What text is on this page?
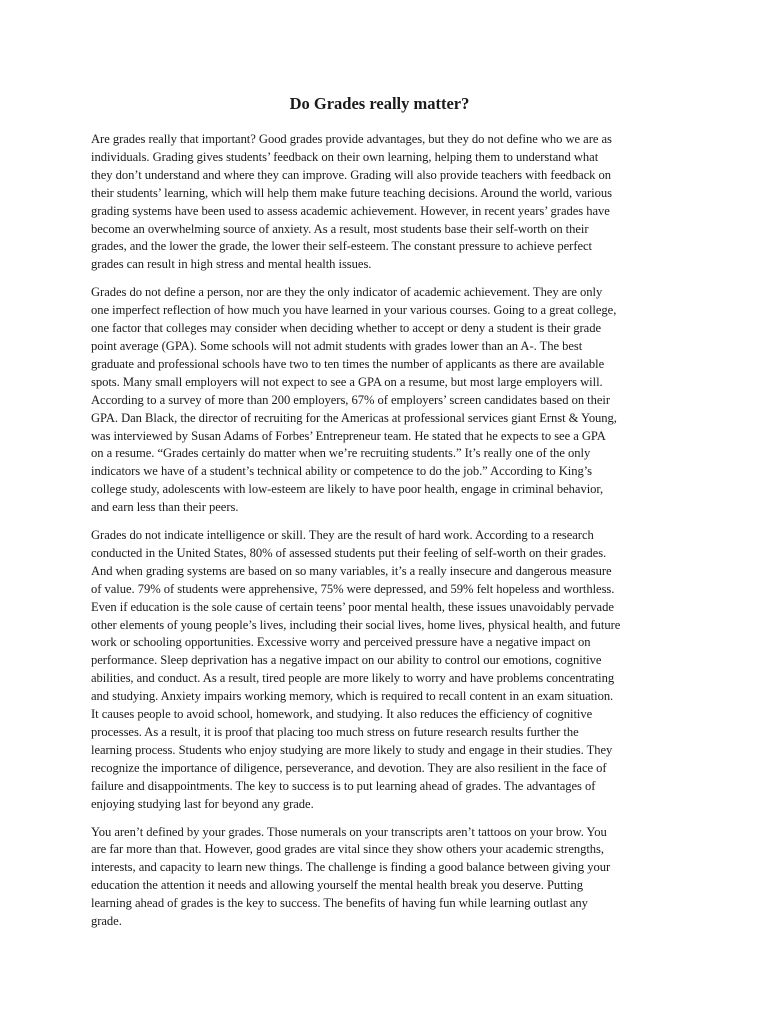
Do Grades really matter?

Are grades really that important? Good grades provide advantages, but they do not define who we are as
individuals. Grading gives students’ feedback on their own learning, helping them to understand what
they don’t understand and where they can improve. Grading will also provide teachers with feedback on
their students’ learning, which will help them make future teaching decisions. Around the world, various
grading systems have been used to assess academic achievement. However, in recent years’ grades have
become an overwhelming source of anxiety. As a result, most students base their self-worth on their
grades, and the lower the grade, the lower their self-esteem. The constant pressure to achieve perfect
grades can result in high stress and mental health issues.

Grades do not define a person, nor are they the only indicator of academic achievement. They are only
one imperfect reflection of how much you have learned in your various courses. Going to a great college,
one factor that colleges may consider when deciding whether to accept or deny a student is their grade
point average (GPA). Some schools will not admit students with grades lower than an A-. The best
graduate and professional schools have two to ten times the number of applicants as there are available
spots. Many small employers will not expect to see a GPA on a resume, but most large employers will.
According to a survey of more than 200 employers, 67% of employers’ screen candidates based on their
GPA. Dan Black, the director of recruiting for the Americas at professional services giant Ernst & Young,
was interviewed by Susan Adams of Forbes’ Entrepreneur team. He stated that he expects to see a GPA
on a resume. “Grades certainly do matter when we’re recruiting students.” It’s really one of the only
indicators we have of a student’s technical ability or competence to do the job.” According to King’s
college study, adolescents with low-esteem are likely to have poor health, engage in criminal behavior,
and earn less than their peers.

Grades do not indicate intelligence or skill. They are the result of hard work. According to a research
conducted in the United States, 80% of assessed students put their feeling of self-worth on their grades.
And when grading systems are based on so many variables, it’s a really insecure and dangerous measure
of value. 79% of students were apprehensive, 75% were depressed, and 59% felt hopeless and worthless.
Even if education is the sole cause of certain teens’ poor mental health, these issues unavoidably pervade
other elements of young people’s lives, including their social lives, home lives, physical health, and future
work or schooling opportunities. Excessive worry and perceived pressure have a negative impact on
performance. Sleep deprivation has a negative impact on our ability to control our emotions, cognitive
abilities, and conduct. As a result, tired people are more likely to worry and have problems concentrating
and studying. Anxiety impairs working memory, which is required to recall content in an exam situation.
It causes people to avoid school, homework, and studying. It also reduces the efficiency of cognitive
processes. As a result, it is proof that placing too much stress on future research results further the
learning process. Students who enjoy studying are more likely to study and engage in their studies. They
recognize the importance of diligence, perseverance, and devotion. They are also resilient in the face of
failure and disappointments. The key to success is to put learning ahead of grades. The advantages of
enjoying studying last for beyond any grade.

You aren’t defined by your grades. Those numerals on your transcripts aren’t tattoos on your brow. You
are far more than that. However, good grades are vital since they show others your academic strengths,
interests, and capacity to learn new things. The challenge is finding a good balance between giving your
education the attention it needs and allowing yourself the mental health break you deserve. Putting
learning ahead of grades is the key to success. The benefits of having fun while learning outlast any
grade.
